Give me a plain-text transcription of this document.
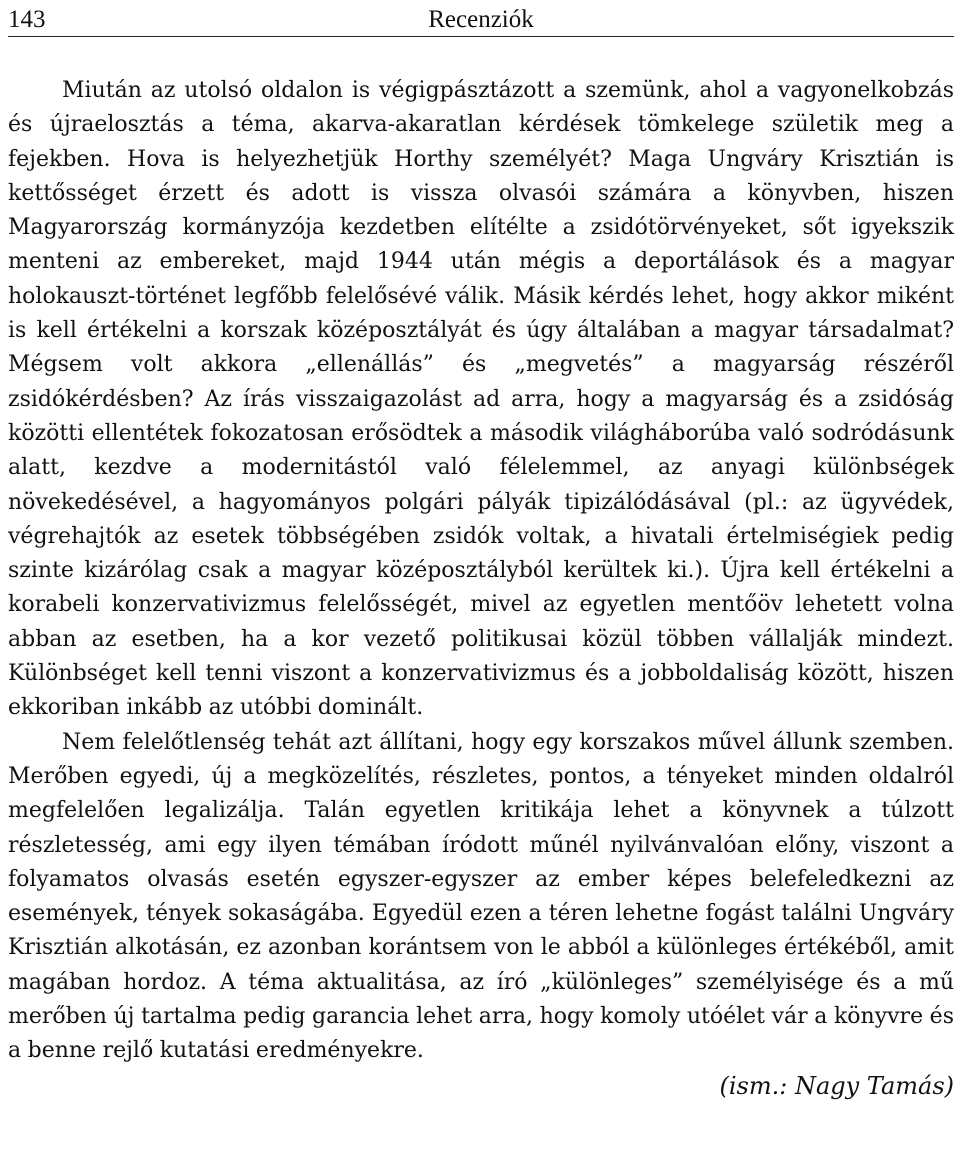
143	Recenziók

Miután az utolsó oldalon is végigpásztázott a szemünk, ahol a vagyonelkobzás és újraelosztás a téma, akarva-akaratlan kérdések tömkelege születik meg a fejekben. Hova is helyezhetjük Horthy személyét? Maga Ungváry Krisztián is kettősséget érzett és adott is vissza olvasói számára a könyvben, hiszen Magyarország kormányzója kezdetben elítélte a zsidótörvényeket, sőt igyekszik menteni az embereket, majd 1944 után mégis a deportálások és a magyar holokauszt-történet legfőbb felelősévé válik. Másik kérdés lehet, hogy akkor miként is kell értékelni a korszak középosztályát és úgy általában a magyar társadalmat? Mégsem volt akkora „ellenállás” és „megvetés” a magyarság részéről zsidókérdésben? Az írás visszaigazolást ad arra, hogy a magyarság és a zsidóság közötti ellentétek fokozatosan erősödtek a második világháborúba való sodródásunk alatt, kezdve a modernitástól való félelemmel, az anyagi különbségek növekedésével, a hagyományos polgári pályák tipizálódásával (pl.: az ügyvédek, végrehajtók az esetek többségében zsidók voltak, a hivatali értelmiségiek pedig szinte kizárólag csak a magyar középosztályból kerültek ki.). Újra kell értékelni a korabeli konzervativizmus felelősségét, mivel az egyetlen mentőöv lehetett volna abban az esetben, ha a kor vezető politikusai közül többen vállalják mindezt. Különbséget kell tenni viszont a konzervativizmus és a jobboldaliság között, hiszen ekkoriban inkább az utóbbi dominált.

Nem felelőtlenség tehát azt állítani, hogy egy korszakos művel állunk szemben. Merőben egyedi, új a megközelítés, részletes, pontos, a tényeket minden oldalról megfelelően legalizálja. Talán egyetlen kritikája lehet a könyvnek a túlzott részletesség, ami egy ilyen témában íródott műnél nyilvánvalóan előny, viszont a folyamatos olvasás esetén egyszer-egyszer az ember képes belefeledkezni az események, tények sokaságába. Egyedül ezen a téren lehetne fogást találni Ungváry Krisztián alkotásán, ez azonban korántsem von le abból a különleges értékéből, amit magában hordoz. A téma aktualitása, az író „különleges” személyisége és a mű merőben új tartalma pedig garancia lehet arra, hogy komoly utóélet vár a könyvre és a benne rejlő kutatási eredményekre.

(ism.: Nagy Tamás)
